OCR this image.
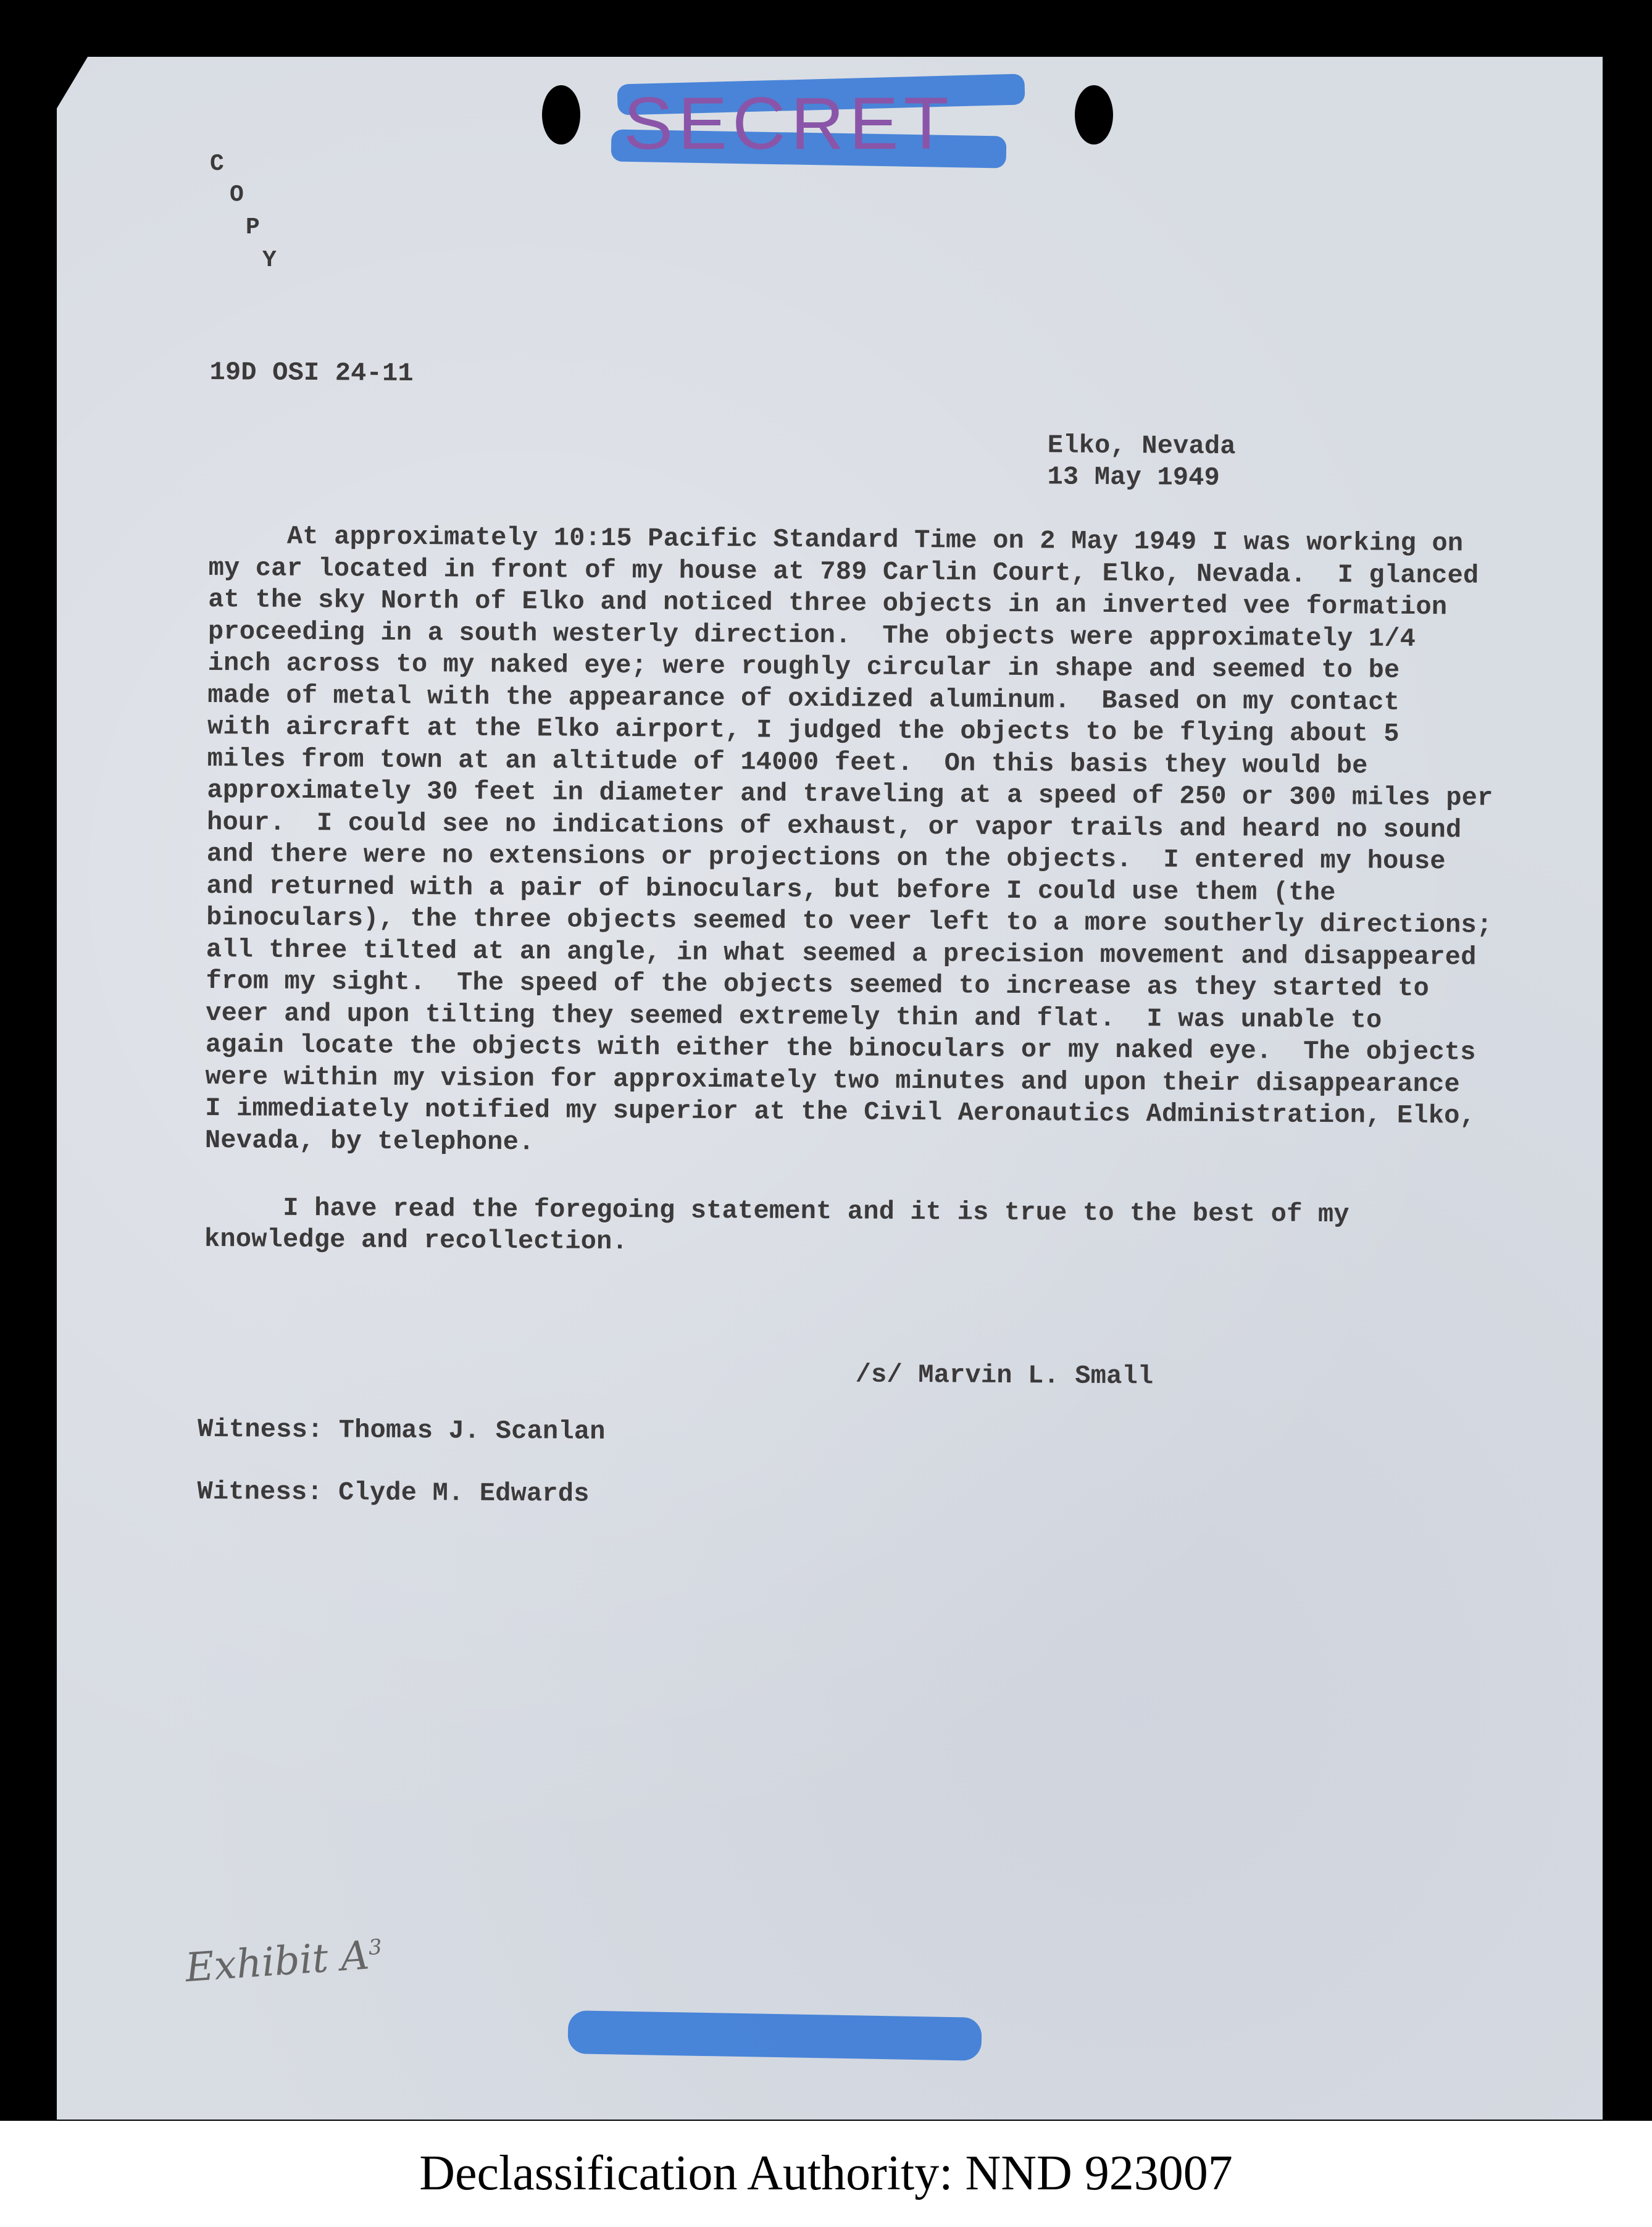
SECRET
C
O
P
Y
19D OSI 24-11
Elko, Nevada
13 May 1949
At approximately 10:15 Pacific Standard Time on 2 May 1949 I was working on
my car located in front of my house at 789 Carlin Court, Elko, Nevada.  I glanced
at the sky North of Elko and noticed three objects in an inverted vee formation
proceeding in a south westerly direction.  The objects were approximately 1/4
inch across to my naked eye; were roughly circular in shape and seemed to be
made of metal with the appearance of oxidized aluminum.  Based on my contact
with aircraft at the Elko airport, I judged the objects to be flying about 5
miles from town at an altitude of 14000 feet.  On this basis they would be
approximately 30 feet in diameter and traveling at a speed of 250 or 300 miles per
hour.  I could see no indications of exhaust, or vapor trails and heard no sound
and there were no extensions or projections on the objects.  I entered my house
and returned with a pair of binoculars, but before I could use them (the
binoculars), the three objects seemed to veer left to a more southerly directions;
all three tilted at an angle, in what seemed a precision movement and disappeared
from my sight.  The speed of the objects seemed to increase as they started to
veer and upon tilting they seemed extremely thin and flat.  I was unable to
again locate the objects with either the binoculars or my naked eye.  The objects
were within my vision for approximately two minutes and upon their disappearance
I immediately notified my superior at the Civil Aeronautics Administration, Elko,
Nevada, by telephone.
I have read the foregoing statement and it is true to the best of my
knowledge and recollection.
/s/ Marvin L. Small
Witness: Thomas J. Scanlan
Witness: Clyde M. Edwards
Exhibit $A^3$
Declassification Authority: NND 923007
